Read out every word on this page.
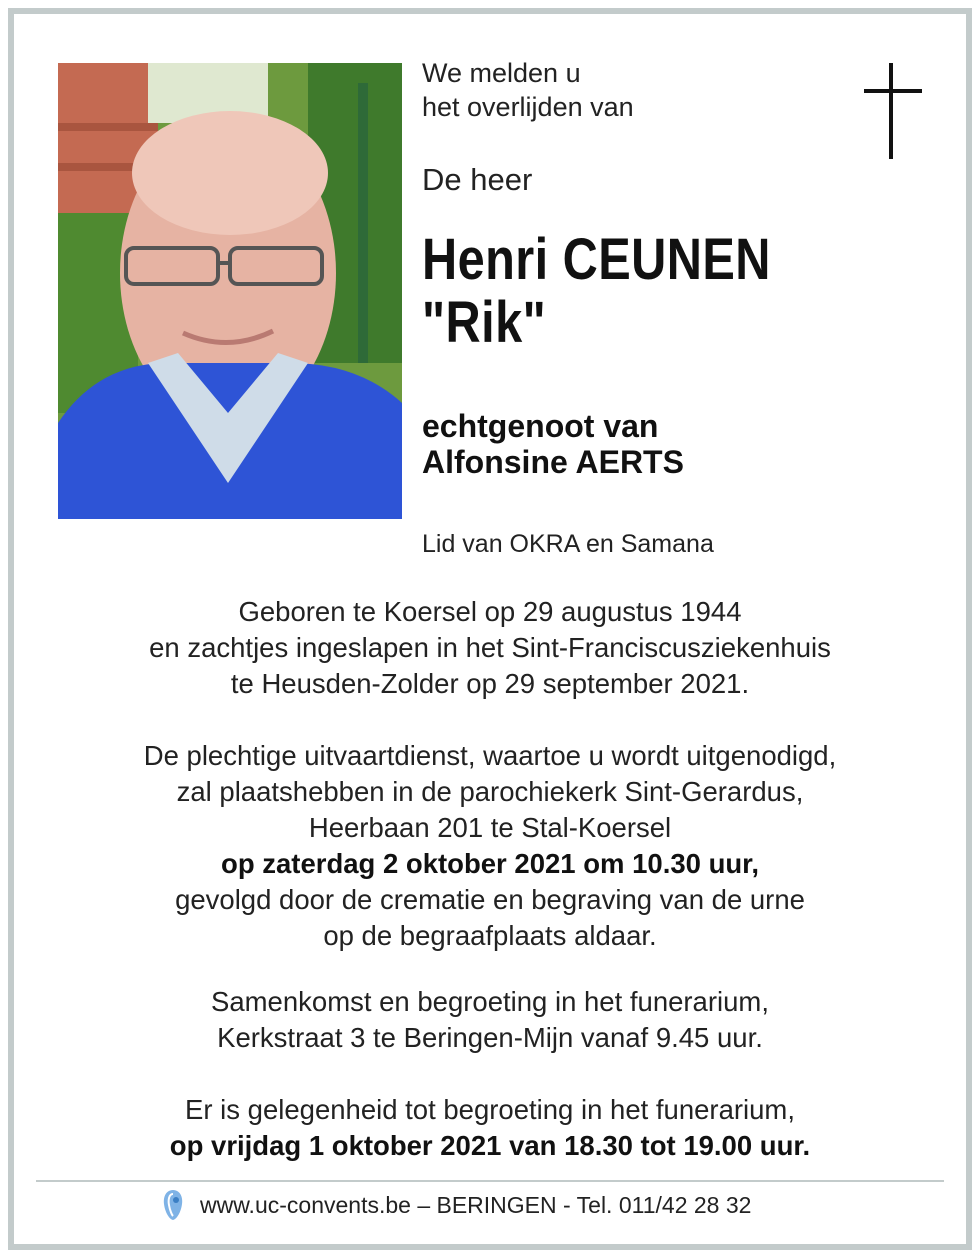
We melden u
het overlijden van
De heer
Henri CEUNEN
"Rik"
echtgenoot van
Alfonsine AERTS
Lid van OKRA en Samana
Geboren te Koersel op 29 augustus 1944
en zachtjes ingeslapen in het Sint-Franciscusziekenhuis
te Heusden-Zolder op 29 september 2021.
De plechtige uitvaartdienst, waartoe u wordt uitgenodigd,
zal plaatshebben in de parochiekerk Sint-Gerardus,
Heerbaan 201 te Stal-Koersel
op zaterdag 2 oktober 2021 om 10.30 uur,
gevolgd door de crematie en begraving van de urne
op de begraafplaats aldaar.
Samenkomst en begroeting in het funerarium,
Kerkstraat 3 te Beringen-Mijn vanaf 9.45 uur.
Er is gelegenheid tot begroeting in het funerarium,
op vrijdag 1 oktober 2021 van 18.30 tot 19.00 uur.
www.uc-convents.be – BERINGEN - Tel. 011/42 28 32
